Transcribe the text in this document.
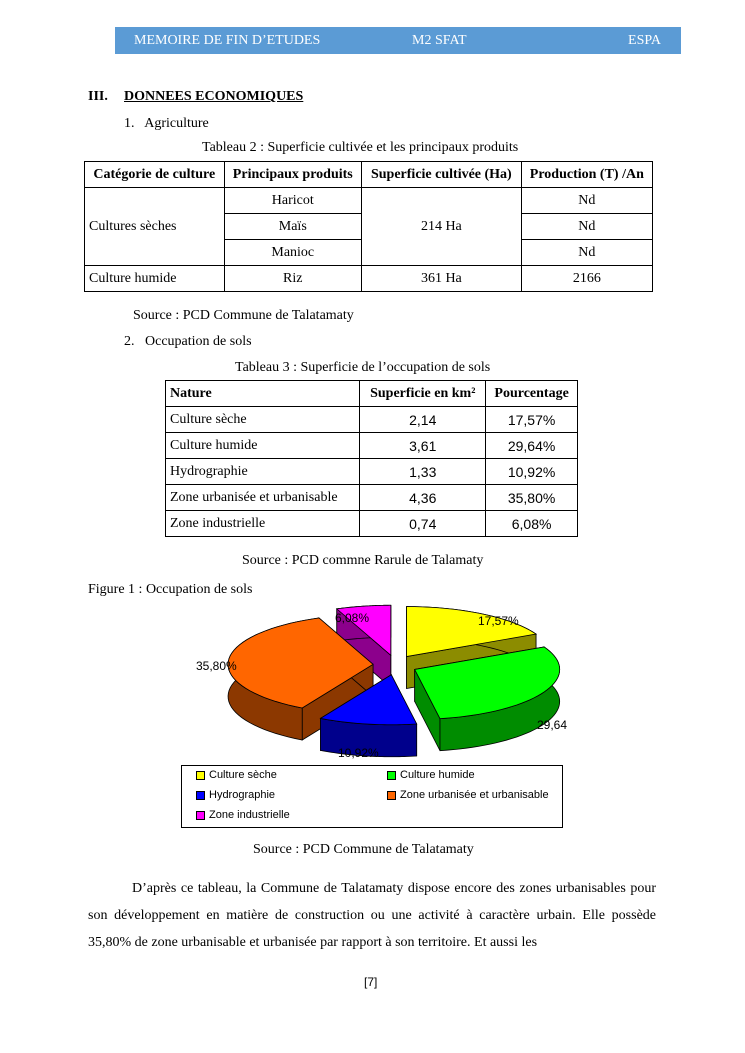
MEMOIRE DE FIN D’ETUDES	M2 SFAT	ESPA
III. DONNEES ECONOMIQUES
1.   Agriculture
Tableau 2 : Superficie cultivée et les principaux produits
Catégorie de culture	Principaux produits	Superficie cultivée (Ha)	Production (T) /An
Cultures sèches	Haricot	214 Ha	Nd
	Maïs		Nd
	Manioc		Nd
Culture humide	Riz	361 Ha	2166
Source : PCD Commune de Talatamaty
2.   Occupation de sols
Tableau 3 : Superficie de l’occupation de sols
Nature	Superficie en km²	Pourcentage
Culture sèche	2,14	17,57%
Culture humide	3,61	29,64%
Hydrographie	1,33	10,92%
Zone urbanisée et urbanisable	4,36	35,80%
Zone industrielle	0,74	6,08%
Source : PCD commne Rarule de Talamaty
Figure 1 : Occupation de sols
6,08%	17,57%
35,80%
29,64
10,92%
Culture sèche	Culture humide
Hydrographie	Zone urbanisée et urbanisable
Zone industrielle
Source : PCD Commune de Talatamaty
D’après ce tableau, la Commune de Talatamaty dispose encore des zones urbanisables pour son développement en matière de construction ou une activité à caractère urbain. Elle possède 35,80% de zone urbanisable et urbanisée par rapport à son territoire. Et aussi les
[7]
